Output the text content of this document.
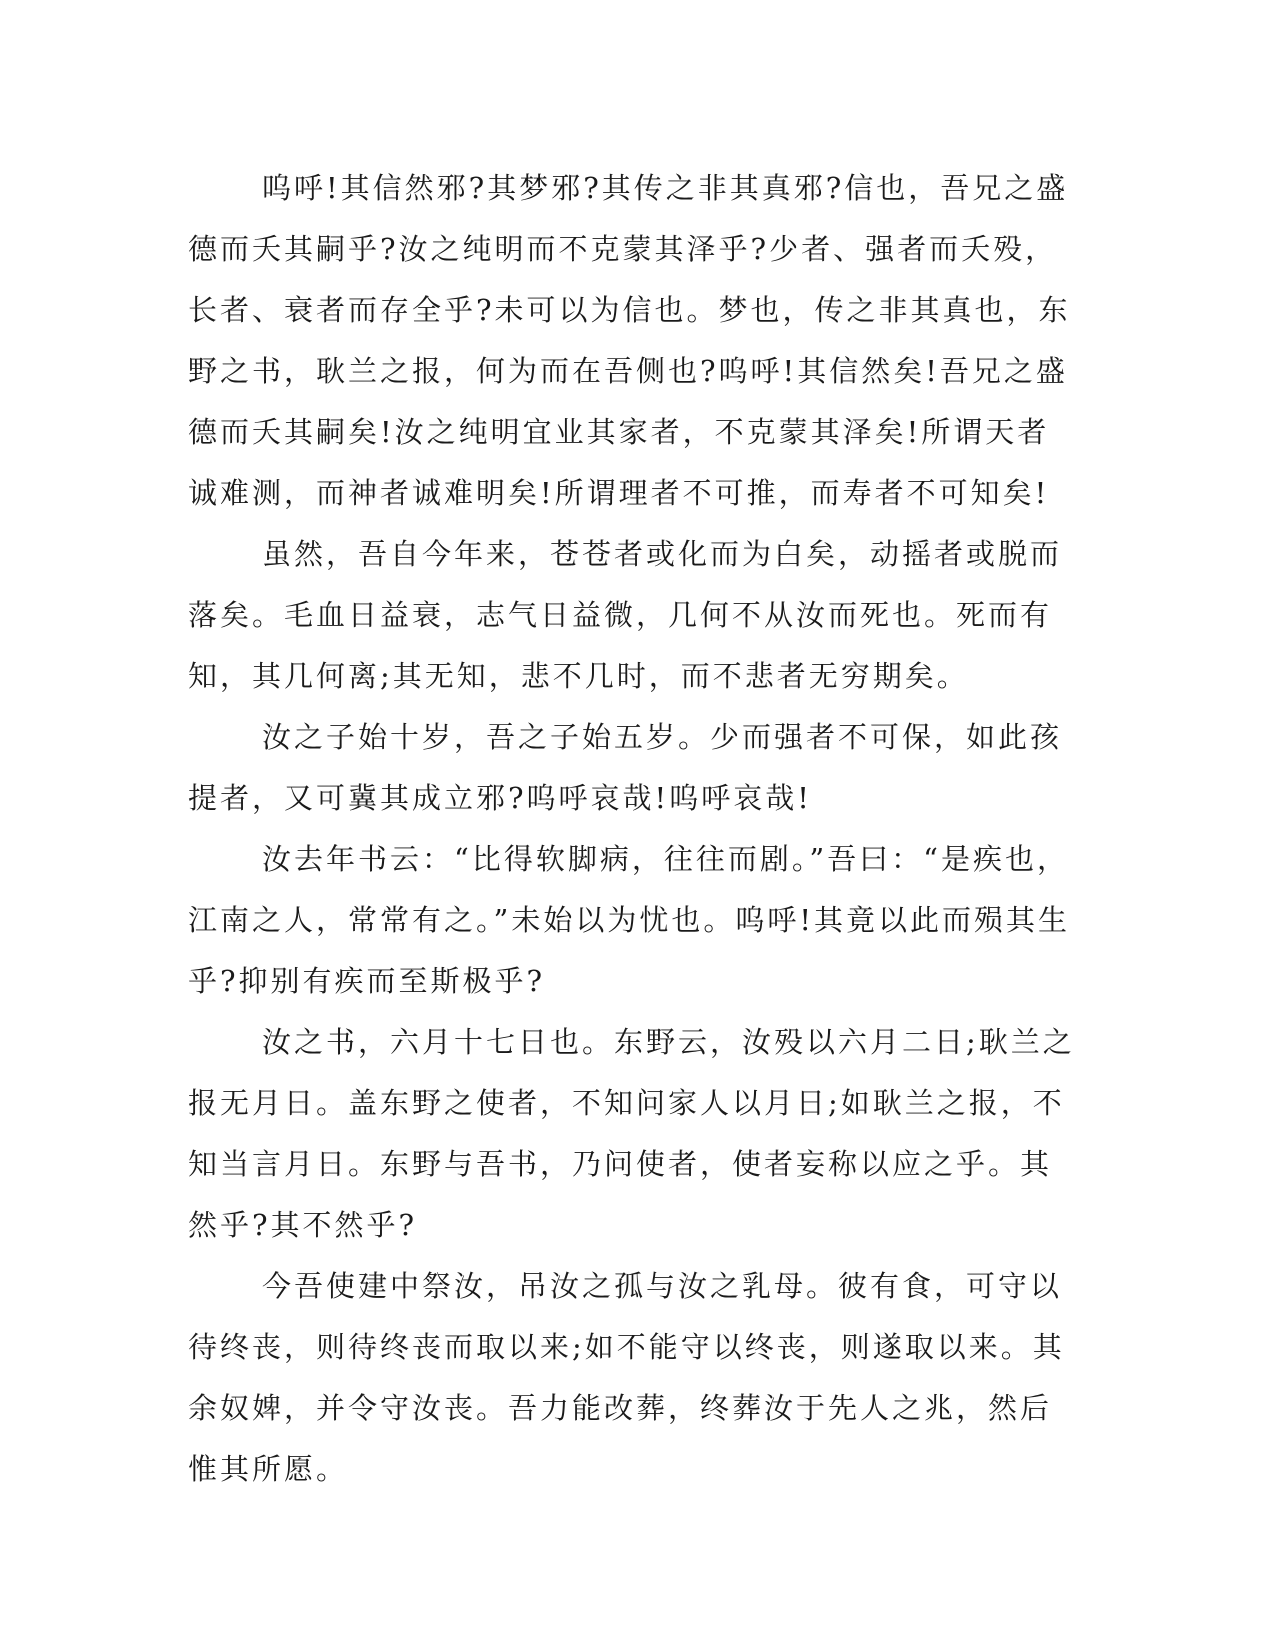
呜呼!其信然邪?其梦邪?其传之非其真邪?信也，吾兄之盛德而夭其嗣乎?汝之纯明而不克蒙其泽乎?少者、强者而夭殁，长者、衰者而存全乎?未可以为信也。梦也，传之非其真也，东野之书，耿兰之报，何为而在吾侧也?呜呼!其信然矣!吾兄之盛德而夭其嗣矣!汝之纯明宜业其家者，不克蒙其泽矣!所谓天者诚难测，而神者诚难明矣!所谓理者不可推，而寿者不可知矣!

虽然，吾自今年来，苍苍者或化而为白矣，动摇者或脱而落矣。毛血日益衰，志气日益微，几何不从汝而死也。死而有知，其几何离;其无知，悲不几时，而不悲者无穷期矣。

汝之子始十岁，吾之子始五岁。少而强者不可保，如此孩提者，又可冀其成立邪?呜呼哀哉!呜呼哀哉!

汝去年书云：“比得软脚病，往往而剧。”吾曰：“是疾也，江南之人，常常有之。”未始以为忧也。呜呼!其竟以此而殒其生乎?抑别有疾而至斯极乎?

汝之书，六月十七日也。东野云，汝殁以六月二日;耿兰之报无月日。盖东野之使者，不知问家人以月日;如耿兰之报，不知当言月日。东野与吾书，乃问使者，使者妄称以应之乎。其然乎?其不然乎?

今吾使建中祭汝，吊汝之孤与汝之乳母。彼有食，可守以待终丧，则待终丧而取以来;如不能守以终丧，则遂取以来。其余奴婢，并令守汝丧。吾力能改葬，终葬汝于先人之兆，然后惟其所愿。
